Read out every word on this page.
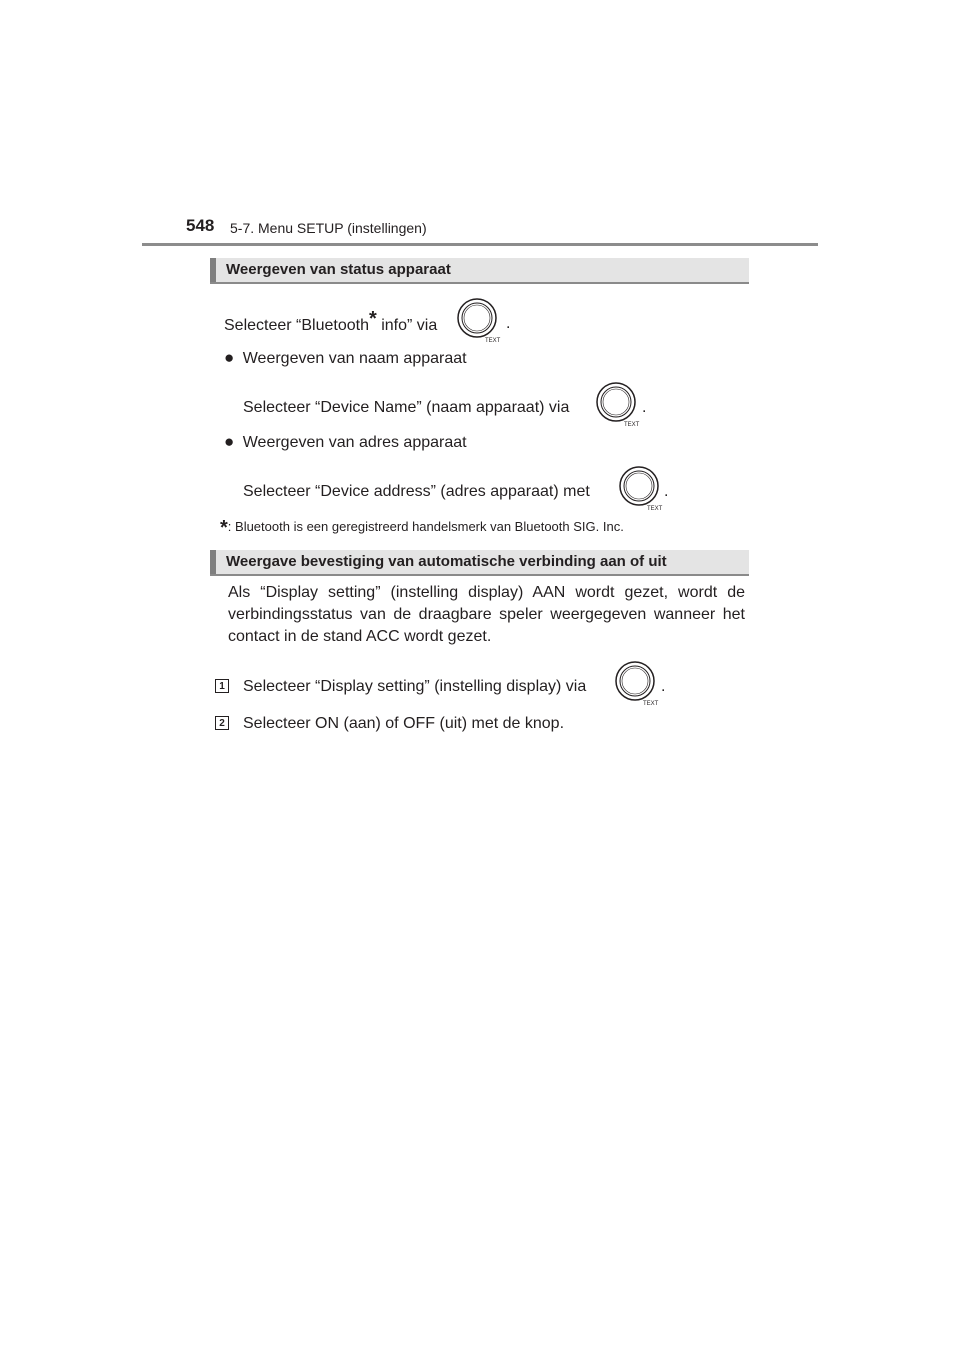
548 5-7. Menu SETUP (instellingen)
Weergeven van status apparaat
Selecteer “Bluetooth* info” via
TEXT
.
● Weergeven van naam apparaat
Selecteer “Device Name” (naam apparaat) via
TEXT
.
● Weergeven van adres apparaat
Selecteer “Device address” (adres apparaat) met
TEXT
.
*: Bluetooth is een geregistreerd handelsmerk van Bluetooth SIG. Inc.
Weergave bevestiging van automatische verbinding aan of uit
Als “Display setting” (instelling display) AAN wordt gezet, wordt de verbindingsstatus van de draagbare speler weergegeven wanneer het contact in de stand ACC wordt gezet.
1 Selecteer “Display setting” (instelling display) via
TEXT
.
2 Selecteer ON (aan) of OFF (uit) met de knop.
